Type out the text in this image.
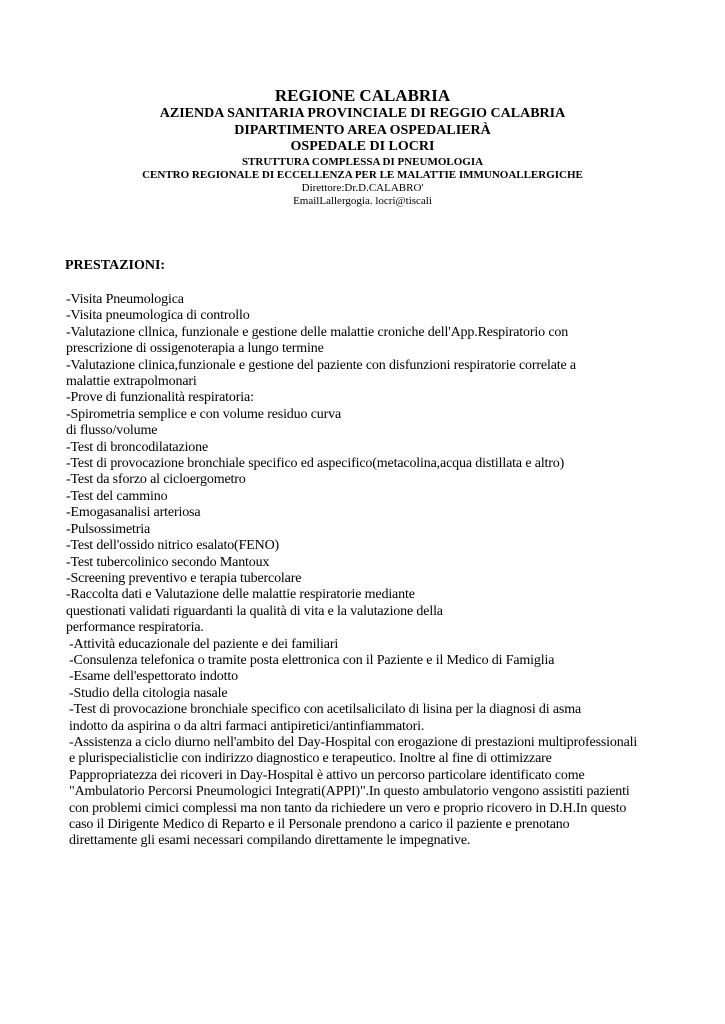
REGIONE CALABRIA
AZIENDA SANITARIA PROVINCIALE DI REGGIO CALABRIA
DIPARTIMENTO AREA OSPEDALIERÀ
OSPEDALE DI LOCRI
STRUTTURA COMPLESSA DI PNEUMOLOGIA
CENTRO REGIONALE DI ECCELLENZA PER LE MALATTIE IMMUNOALLERGICHE
Direttore:Dr.D.CALABRO'
EmailLallergogia. locri@tiscali

PRESTAZIONI:

-Visita Pneumologica
-Visita pneumologica di controllo
-Valutazione cllnica, funzionale e gestione delle malattie croniche dell'App.Respiratorio con
prescrizione di ossigenoterapia a lungo termine
-Valutazione clinica,funzionale e gestione del paziente con disfunzioni respiratorie correlate a
malattie extrapolmonari
-Prove di funzionalità respiratoria:
-Spirometria semplice e con volume residuo curva
di flusso/volume
-Test di broncodilatazione
-Test di provocazione bronchiale specifico ed aspecifico(metacolina,acqua distillata e altro)
-Test da sforzo al cicloergometro
-Test del cammino
-Emogasanalisi arteriosa
-Pulsossimetria
-Test dell'ossido nitrico esalato(FENO)
-Test tubercolinico secondo Mantoux
-Screening preventivo e terapia tubercolare
-Raccolta dati e Valutazione delle malattie respiratorie mediante
questionati validati riguardanti la qualità di vita e la valutazione della
performance respiratoria.
-Attività educazionale del paziente e dei familiari
-Consulenza telefonica o tramite posta elettronica con il Paziente e il Medico di Famiglia
-Esame dell'espettorato indotto
-Studio della citologia nasale
-Test di provocazione bronchiale specifico con acetilsalicilato di lisina per la diagnosi di asma
indotto da aspirina o da altri farmaci antipiretici/antinfiammatori.
-Assistenza a ciclo diurno nell'ambito del Day-Hospital con erogazione di prestazioni multiprofessionali
e plurispecialisticlie con indirizzo diagnostico e terapeutico. Inoltre al fine di ottimizzare
Pappropriatezza dei ricoveri in Day-Hospital è attivo un percorso particolare identificato come
"Ambulatorio Percorsi Pneumologici Integrati(APPI)".In questo ambulatorio vengono assistiti pazienti
con problemi cimici complessi ma non tanto da richiedere un vero e proprio ricovero in D.H.In questo
caso il Dirigente Medico di Reparto e il Personale prendono a carico il paziente e prenotano
direttamente gli esami necessari compilando direttamente le impegnative.
